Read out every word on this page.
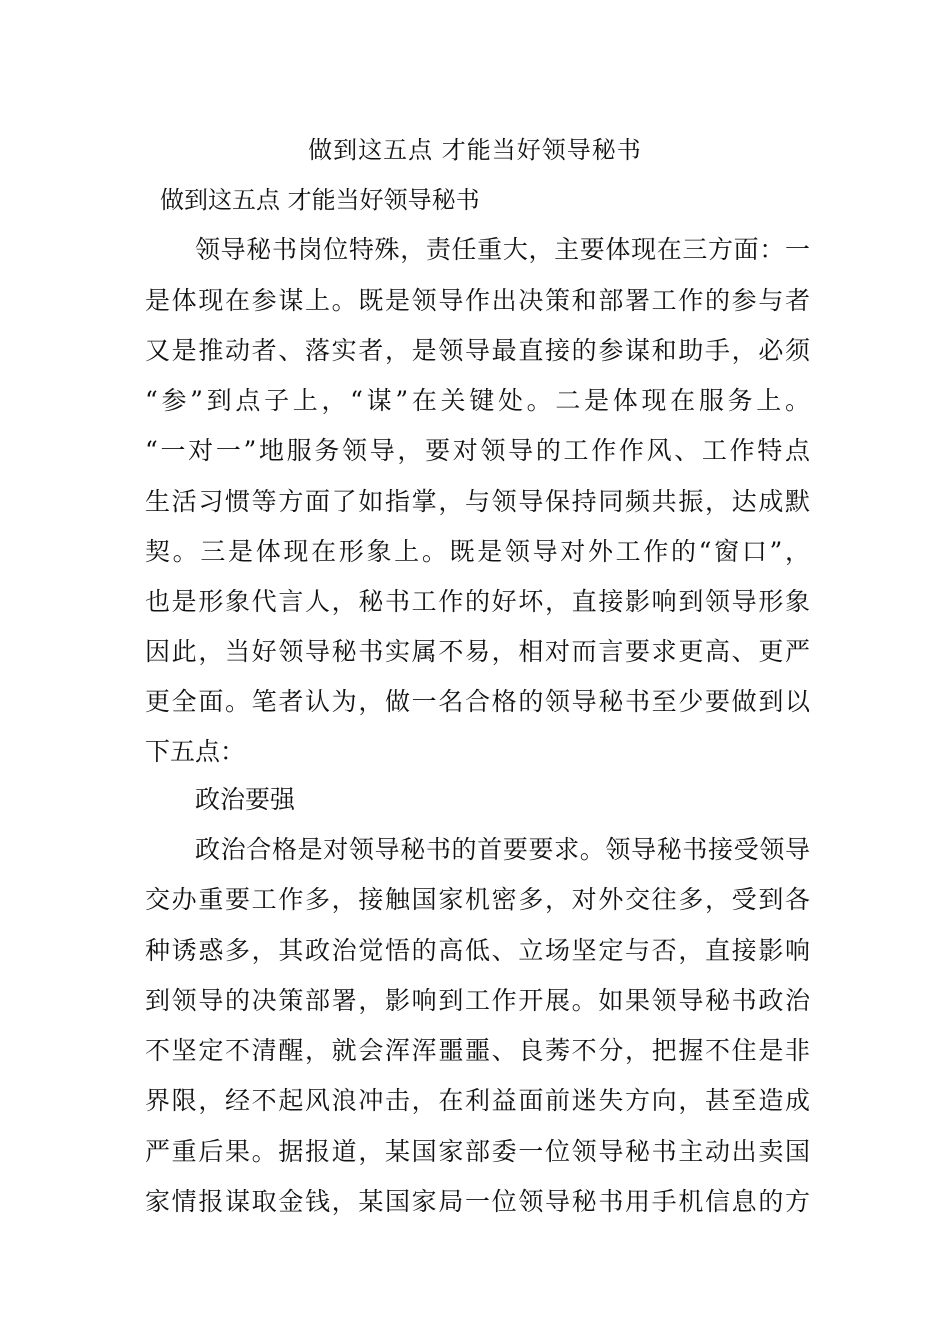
做到这五点 才能当好领导秘书
做到这五点 才能当好领导秘书

领导秘书岗位特殊，责任重大，主要体现在三方面：一

是体现在参谋上。既是领导作出决策和部署工作的参与者

又是推动者、落实者，是领导最直接的参谋和助手，必须

“参”到点子上，“谋”在关键处。二是体现在服务上。

“一对一”地服务领导，要对领导的工作作风、工作特点

生活习惯等方面了如指掌，与领导保持同频共振，达成默

契。三是体现在形象上。既是领导对外工作的“窗口”，

也是形象代言人，秘书工作的好坏，直接影响到领导形象

因此，当好领导秘书实属不易，相对而言要求更高、更严

更全面。笔者认为，做一名合格的领导秘书至少要做到以

下五点：

政治要强

政治合格是对领导秘书的首要要求。领导秘书接受领导

交办重要工作多，接触国家机密多，对外交往多，受到各

种诱惑多，其政治觉悟的高低、立场坚定与否，直接影响

到领导的决策部署，影响到工作开展。如果领导秘书政治

不坚定不清醒，就会浑浑噩噩、良莠不分，把握不住是非

界限，经不起风浪冲击，在利益面前迷失方向，甚至造成

严重后果。据报道，某国家部委一位领导秘书主动出卖国

家情报谋取金钱，某国家局一位领导秘书用手机信息的方
